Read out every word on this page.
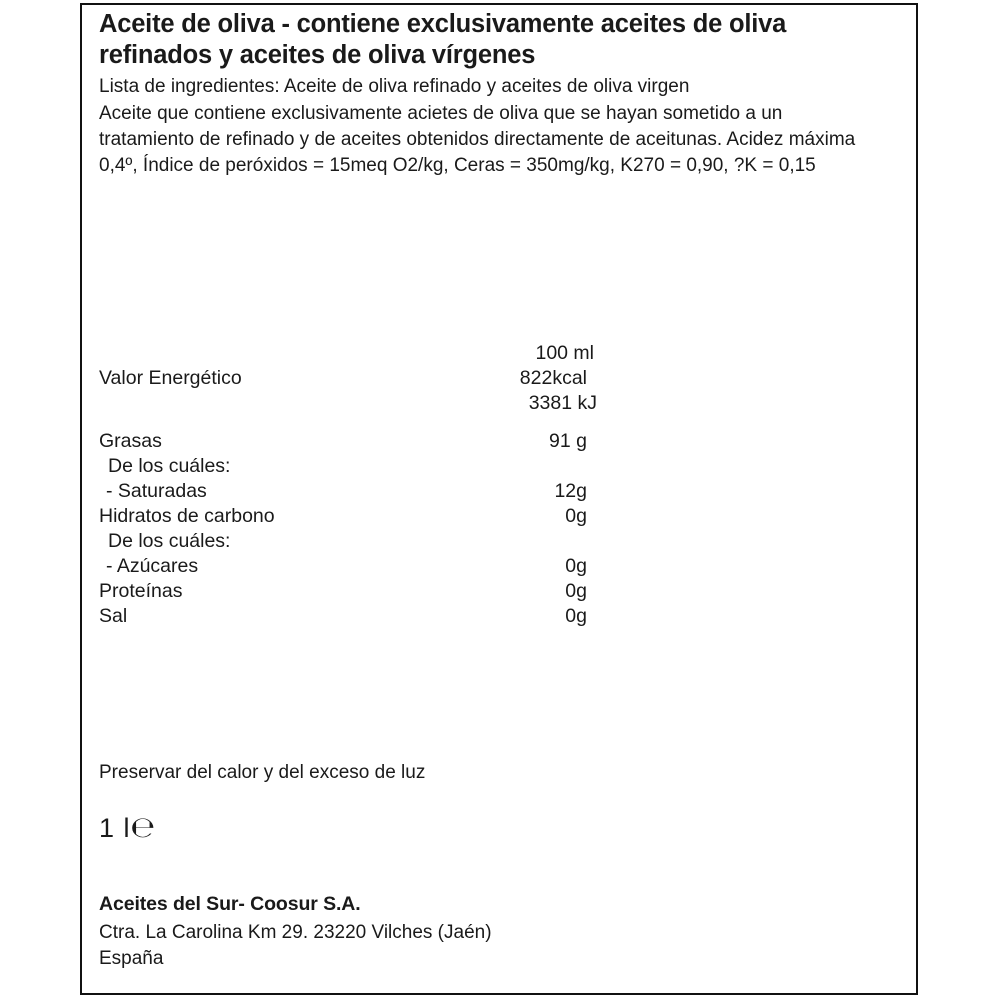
Aceite de oliva - contiene exclusivamente aceites de oliva refinados y aceites de oliva vírgenes

Lista de ingredientes: Aceite de oliva refinado y aceites de oliva virgen

Aceite que contiene exclusivamente acietes de oliva que se hayan sometido a un tratamiento de refinado y de aceites obtenidos directamente de aceitunas. Acidez máxima 0,4º, Índice de peróxidos = 15meq O2/kg, Ceras = 350mg/kg, K270 = 0,90, ?K = 0,15

	100 ml
Valor Energético	822kcal
	3381 kJ

Grasas	91 g
De los cuáles:	
- Saturadas	12g
Hidratos de carbono	0g
De los cuáles:	
- Azúcares	0g
Proteínas	0g
Sal	0g

Preservar del calor y del exceso de luz

1 l℮

Aceites del Sur- Coosur S.A.

Ctra. La Carolina Km 29. 23220 Vilches (Jaén)

España
